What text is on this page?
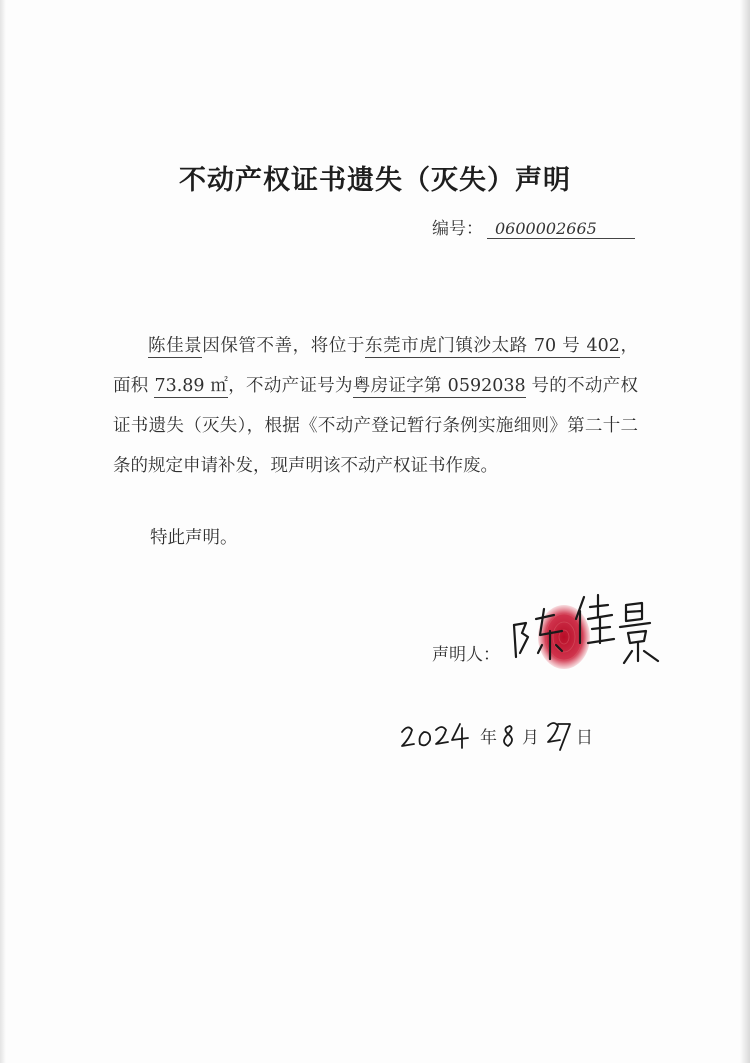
不动产权证书遗失（灭失）声明
编号： 0600002665

陈佳景因保管不善，将位于东莞市虎门镇沙太路 70 号 402，面积 73.89 ㎡，不动产证号为粤房证字第 0592038 号的不动产权证书遗失（灭失），根据《不动产登记暂行条例实施细则》第二十二条的规定申请补发，现声明该不动产权证书作废。

特此声明。
声明人：
年 月 日
